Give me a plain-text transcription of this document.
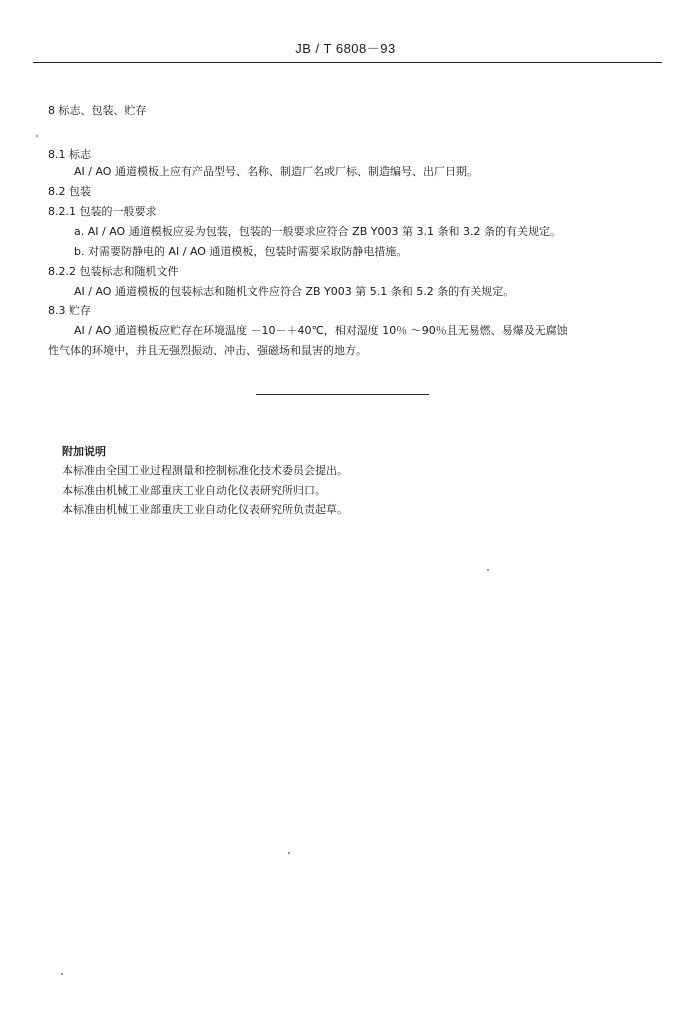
JB / T 6808－93
8 标志、包装、贮存
8.1 标志
AI / AO 通道模板上应有产品型号、名称、制造厂名或厂标、制造编号、出厂日期。
8.2 包装
8.2.1 包装的一般要求
a. AI / AO 通道模板应妥为包装，包装的一般要求应符合 ZB Y003 第 3.1 条和 3.2 条的有关规定。
b. 对需要防静电的 AI / AO 通道模板，包装时需要采取防静电措施。
8.2.2 包装标志和随机文件
AI / AO 通道模板的包装标志和随机文件应符合 ZB Y003 第 5.1 条和 5.2 条的有关规定。
8.3 贮存
AI / AO 通道模板应贮存在环境温度 －10－＋40℃，相对湿度 10％ ～90％且无易燃、易爆及无腐蚀
性气体的环境中，并且无强烈振动、冲击、强磁场和鼠害的地方。
附加说明
本标准由全国工业过程测量和控制标准化技术委员会提出。
本标准由机械工业部重庆工业自动化仪表研究所归口。
本标准由机械工业部重庆工业自动化仪表研究所负责起草。
